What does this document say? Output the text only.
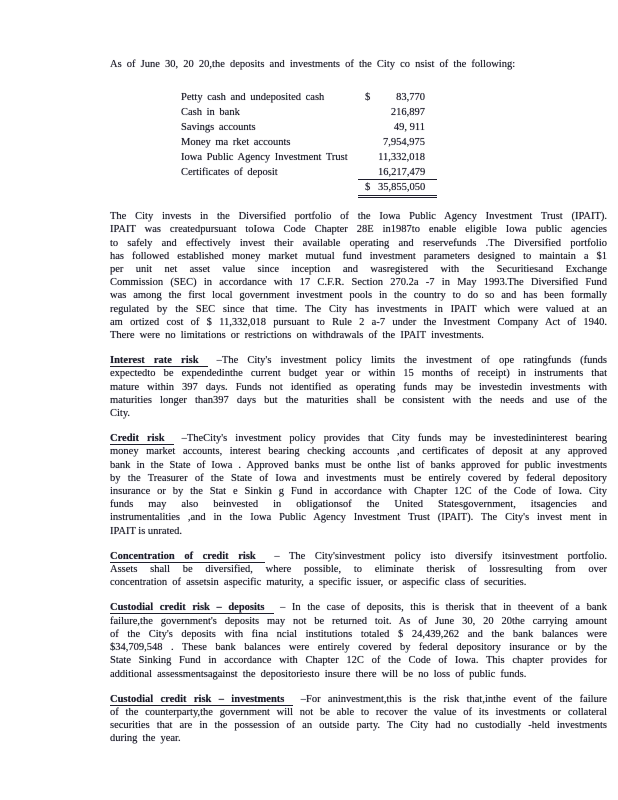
As of June 30, 20 20,the deposits and investments of the City co nsist of the following:

Petty cash and undeposited cash	$	83,770
Cash in bank	216,897
Savings accounts	49, 911
Money ma rket accounts	7,954,975
Iowa Public Agency Investment Trust	11,332,018
Certificates of deposit	16,217,479
$ 35,855,050
The City invests in the Diversified portfolio of the Iowa Public Agency Investment Trust (IPAIT).
IPAIT was createdpursuant toIowa Code Chapter 28E in1987to enable eligible Iowa public agencies
to safely and effectively invest their available operating and reservefunds .The Diversified portfolio
has followed established money market mutual fund investment parameters designed to maintain a $1
per unit net asset value since inception and wasregistered with the Securitiesand Exchange
Commission (SEC) in accordance with 17 C.F.R. Section 270.2a -7 in May 1993.The Diversified Fund
was among the first local government investment pools in the country to do so and has been formally
regulated by the SEC since that time. The City has investments in IPAIT which were valued at an
am ortized cost of $ 11,332,018 pursuant to Rule 2 a-7 under the Investment Company Act of 1940.
There were no limitations or restrictions on withdrawals of the IPAIT investments.
Interest rate risk –The City's investment policy limits the investment of ope ratingfunds (funds
expectedto be expendedinthe current budget year or within 15 months of receipt) in instruments that
mature within 397 days. Funds not identified as operating funds may be investedin investments with
maturities longer than397 days but the maturities shall be consistent with the needs and use of the
City.
Credit risk –TheCity's investment policy provides that City funds may be investedininterest bearing
money market accounts, interest bearing checking accounts ,and certificates of deposit at any approved
bank in the State of Iowa . Approved banks must be onthe list of banks approved for public investments
by the Treasurer of the State of Iowa and investments must be entirely covered by federal depository
insurance or by the Stat e Sinkin g Fund in accordance with Chapter 12C of the Code of Iowa. City
funds may also beinvested in obligationsof the United Statesgovernment, itsagencies and
instrumentalities ,and in the Iowa Public Agency Investment Trust (IPAIT). The City's invest ment in
IPAIT is unrated.
Concentration of credit risk – The City'sinvestment policy isto diversify itsinvestment portfolio.
Assets shall be diversified, where possible, to eliminate therisk of lossresulting from over
concentration of assetsin aspecific maturity, a specific issuer, or aspecific class of securities.
Custodial credit risk – deposits – In the case of deposits, this is therisk that in theevent of a bank
failure,the government's deposits may not be returned toit. As of June 30, 20 20the carrying amount
of the City's deposits with fina ncial institutions totaled $ 24,439,262 and the bank balances were
$34,709,548 . These bank balances were entirely covered by federal depository insurance or by the
State Sinking Fund in accordance with Chapter 12C of the Code of Iowa. This chapter provides for
additional assessmentsagainst the depositoriesto insure there will be no loss of public funds.
Custodial credit risk – investments –For aninvestment,this is the risk that,inthe event of the failure
of the counterparty,the government will not be able to recover the value of its investments or collateral
securities that are in the possession of an outside party. The City had no custodially -held investments
during the year.
